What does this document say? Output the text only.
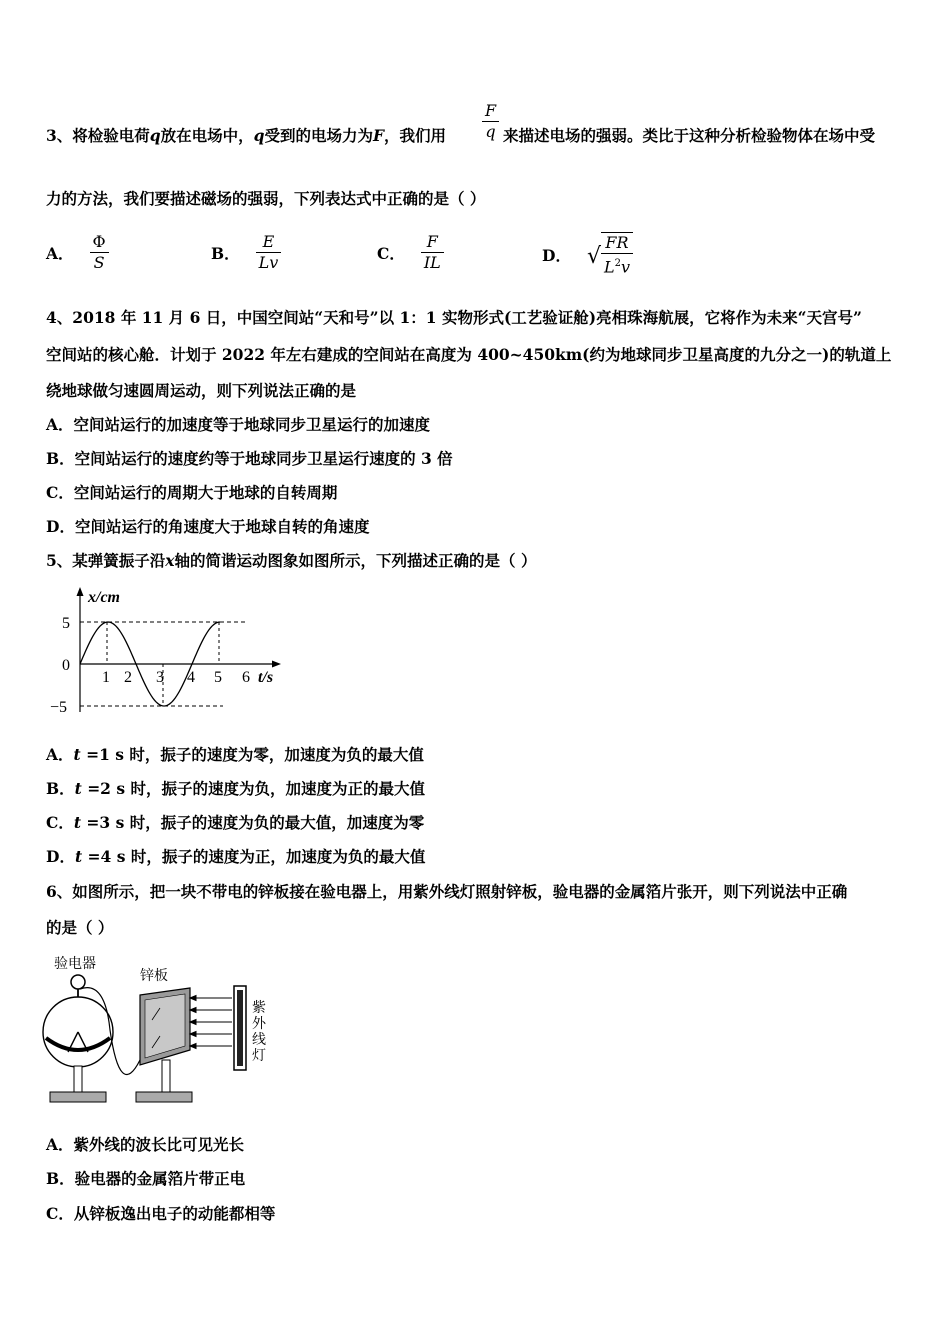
3、将检验电荷q放在电场中，q受到的电场力为F，我们用 $\frac{F}{q}$ 来描述电场的强弱。类比于这种分析检验物体在场中受
力的方法，我们要描述磁场的强弱，下列表达式中正确的是（ ）
A． $\frac{\Phi}{S}$	B． $\frac{E}{Lv}$	C． $\frac{F}{IL}$	D． √ $\frac{FR}{L^2v}$
4、2018 年 11 月 6 日，中国空间站“天和号”以 1：1 实物形式(工艺验证舱)亮相珠海航展，它将作为未来“天宫号”
空间站的核心舱．计划于 2022 年左右建成的空间站在高度为 400~450km(约为地球同步卫星高度的九分之一)的轨道上
绕地球做匀速圆周运动，则下列说法正确的是
A．空间站运行的加速度等于地球同步卫星运行的加速度
B．空间站运行的速度约等于地球同步卫星运行速度的 3 倍
C．空间站运行的周期大于地球的自转周期
D．空间站运行的角速度大于地球自转的角速度
5、某弹簧振子沿x轴的简谐运动图象如图所示，下列描述正确的是（ ）
x/cm
5
0
−5
1 2 3 4 5 6 t/s
A．t =1 s 时，振子的速度为零，加速度为负的最大值
B．t =2 s 时，振子的速度为负，加速度为正的最大值
C．t =3 s 时，振子的速度为负的最大值，加速度为零
D．t =4 s 时，振子的速度为正，加速度为负的最大值
6、如图所示，把一块不带电的锌板接在验电器上，用紫外线灯照射锌板，验电器的金属箔片张开，则下列说法中正确
的是（ ）
验电器
锌板
紫
外
线
灯
A．紫外线的波长比可见光长
B．验电器的金属箔片带正电
C．从锌板逸出电子的动能都相等
